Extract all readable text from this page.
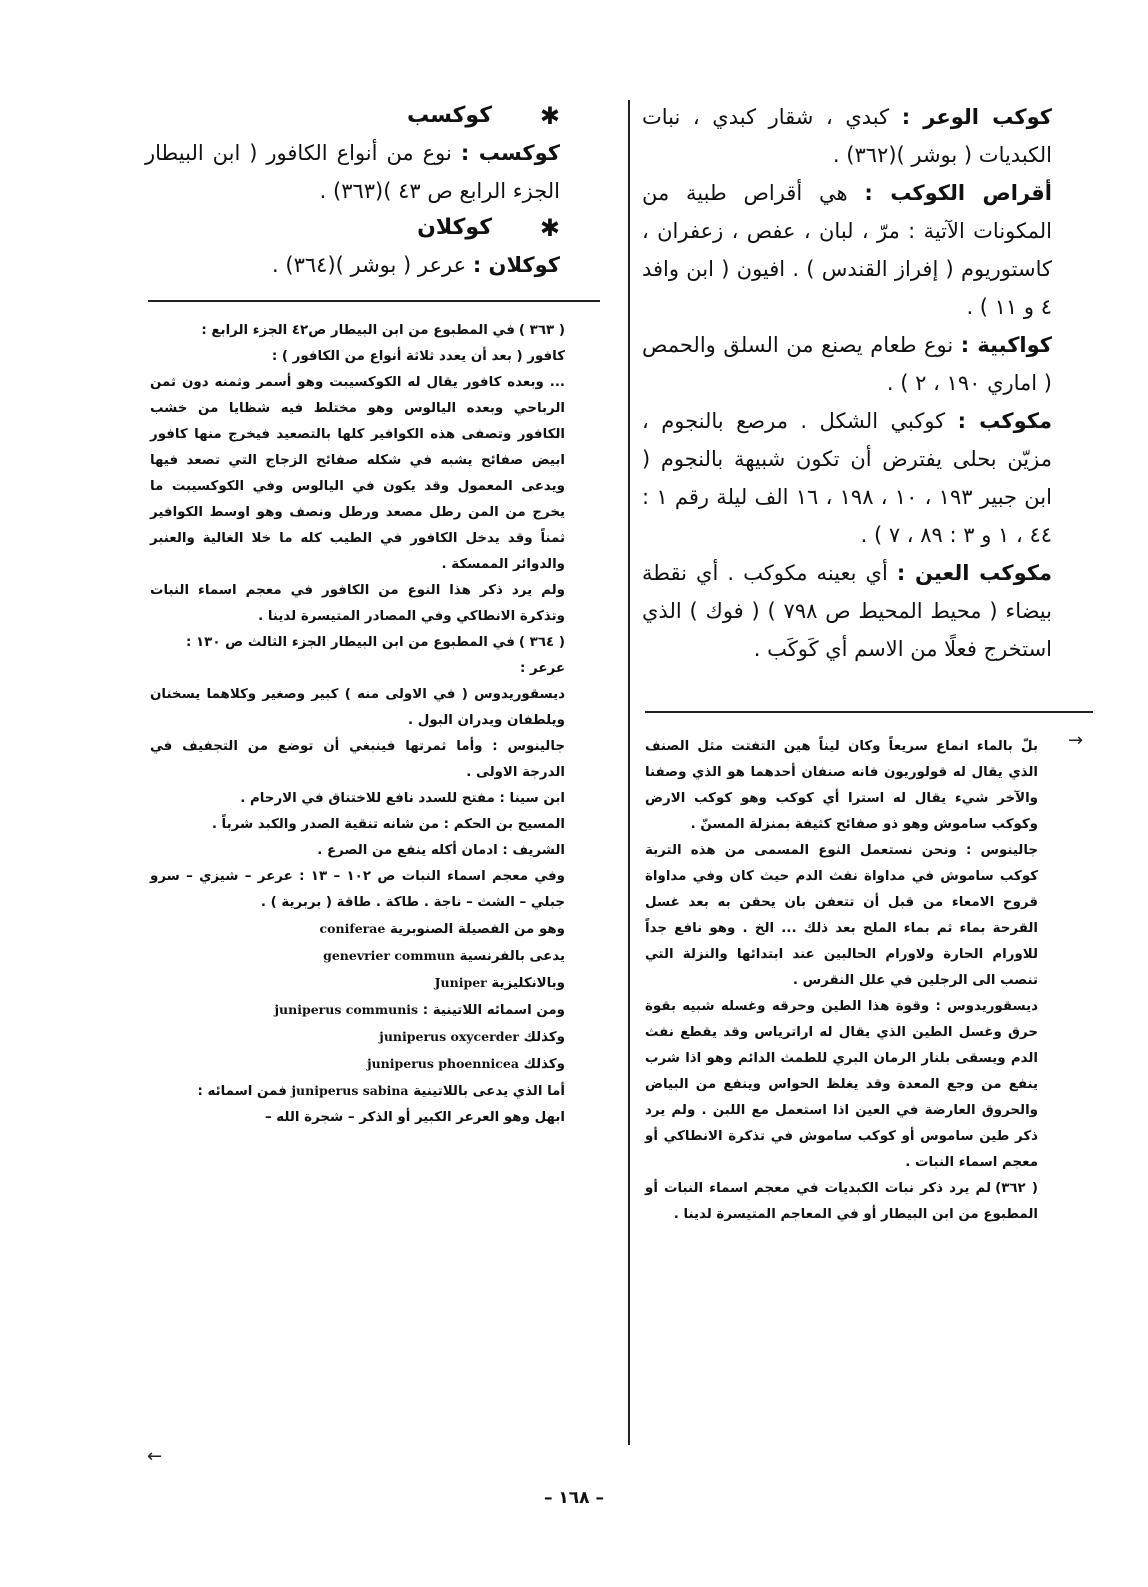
كوكب الوعر : كبدي ، شقار كبدي ، نبات الكبديات ( بوشر )(٣٦٢) .
أقراص الكوكب : هي أقراص طبية من المكونات الآتية : مرّ ، لبان ، عفص ، زعفران ، كاستوريوم ( إفراز القندس ) . افيون ( ابن وافد ٤ و ١١ ) .
كواكبية : نوع طعام يصنع من السلق والحمص ( اماري ١٩٠ ، ٢ ) .
مكوكب : كوكبي الشكل . مرصع بالنجوم ، مزيّن بحلى يفترض أن تكون شبيهة بالنجوم ( ابن جبير ١٩٣ ، ١٠ ، ١٩٨ ، ١٦ الف ليلة رقم ١ : ٤٤ ، ١ و ٣ : ٨٩ ، ٧ ) .
مكوكب العين : أي بعينه مكوكب . أي نقطة بيضاء ( محيط المحيط ص ٧٩٨ ) ( فوك ) الذي استخرج فعلًا من الاسم أي كَوكَب .
✱
كوكسب
كوكسب : نوع من أنواع الكافور ( ابن البيطار الجزء الرابع ص ٤٣ )(٣٦٣) .
✱
كوكلان
كوكلان : عرعر ( بوشر )(٣٦٤) .

بلّ بالماء انماع سريعاً وكان ليناً هين التفتت مثل الصنف الذي يقال له قولوريون فانه صنفان أحدهما هو الذي وصفنا والآخر شيء يقال له استرا أي كوكب وهو كوكب الارض وكوكب ساموش وهو ذو صفائح كثيفة بمنزلة المسنّ .

جالينوس : ونحن نستعمل النوع المسمى من هذه التربة كوكب ساموش في مداواة نفث الدم حيث كان وفي مداواة قروح الامعاء من قبل أن تتعفن بان يحقن به بعد غسل القرحة بماء ثم بماء الملح بعد ذلك ... الخ . وهو نافع جداً للاورام الحارة ولاورام الحالبين عند ابتدائها والنزلة التي تنصب الى الرجلين في علل النقرس .

ديسقوريدوس : وقوة هذا الطين وحرقه وغسله شبيه بقوة حرق وغسل الطين الذي يقال له اراترياس وقد يقطع نفث الدم ويسقى بلنار الرمان البري للطمث الدائم وهو اذا شرب ينفع من وجع المعدة وقد يغلظ الحواس وينفع من البياض والحروق العارضة في العين اذا استعمل مع اللبن . ولم يرد ذكر طين ساموس أو كوكب ساموش في تذكرة الانطاكي أو معجم اسماء النبات .

( ٣٦٢)لم يرد ذكر نبات الكبديات في معجم اسماء النبات أو المطبوع من ابن البيطار أو في المعاجم المتيسرة لدينا .

→

( ٣٦٣ )في المطبوع من ابن البيطار ص٤٢ الجزء الرابع :

كافور ( بعد أن يعدد ثلاثة أنواع من الكافور ) :

... وبعده كافور يقال له الكوكسيبت وهو أسمر وثمنه دون ثمن الرباحي وبعده اليالوس وهو مختلط فيه شظايا من خشب الكافور وتصفى هذه الكوافير كلها بالتصعيد فيخرج منها كافور ابيض صفائح يشبه في شكله صفائح الزجاج التي تصعد فيها ويدعى المعمول وقد يكون في اليالوس وفي الكوكسيبت ما يخرج من المن رطل مصعد ورطل ونصف وهو اوسط الكوافير ثمناً وقد يدخل الكافور في الطيب كله ما خلا الغالية والعنبر والدوائر الممسكة .

ولم يرد ذكر هذا النوع من الكافور في معجم اسماء النبات وتذكرة الانطاكي وفي المصادر المتيسرة لدينا .

( ٣٦٤ )في المطبوع من ابن البيطار الجزء الثالث ص ١٣٠ :

عرعر :

ديسقوريدوس ( في الاولى منه ) كبير وصغير وكلاهما يسخنان ويلطفان ويدران البول .

جالينوس : وأما ثمرتها فينبغي أن توضع من التجفيف في الدرجة الاولى .

ابن سينا : مفتح للسدد نافع للاختناق في الارحام .

المسيح بن الحكم : من شانه تنقية الصدر والكبد شرباً .

الشريف : ادمان أكله ينفع من الصرع .

وفي معجم اسماء النبات ص ١٠٢ – ١٣ : عرعر – شيزي – سرو جبلي – الشث – ناجة . طاكة . طاقة ( بربرية ) .

وهو من الفصيلة الصنوبرية coniferae

يدعى بالفرنسية genevrier commun

وبالانكليزية Juniper

ومن اسمائه اللاتينية : juniperus communis

وكذلك juniperus oxycerder

وكذلك juniperus phoennicea

أما الذي يدعى باللاتينية juniperus sabina فمن اسمائه :

ابهل وهو العرعر الكبير أو الذكر – شجرة الله –

←
– ١٦٨ –
